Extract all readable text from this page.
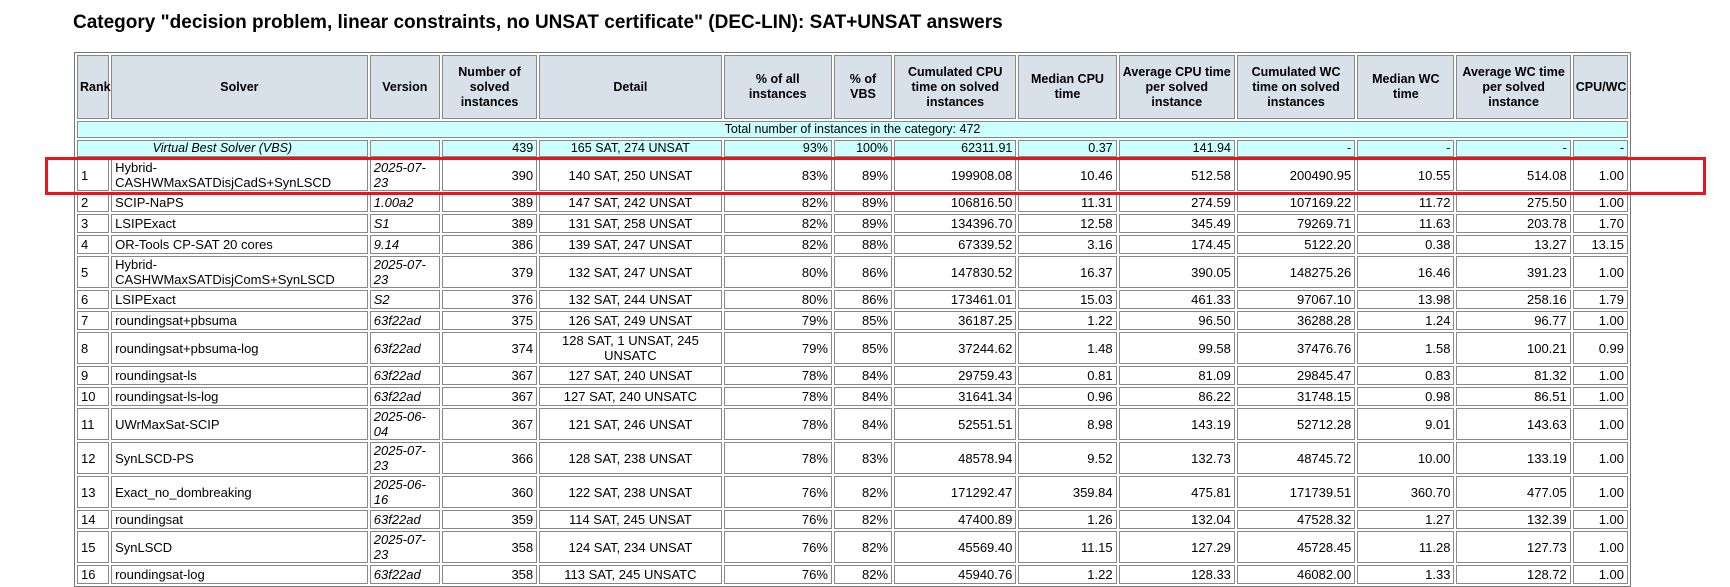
Category "decision problem, linear constraints, no UNSAT certificate" (DEC-LIN): SAT+UNSAT answers
Rank	Solver	Version	Number of solved instances	Detail	% of all instances	% of VBS	Cumulated CPU time on solved instances	Median CPU time	Average CPU time per solved instance	Cumulated WC time on solved instances	Median WC time	Average WC time per solved instance	CPU/WC
Total number of instances in the category: 472													
Virtual Best Solver (VBS)			439	165 SAT, 274 UNSAT	93%	100%	62311.91	0.37	141.94	-	-	-	-
1	Hybrid-CASHWMaxSATDisjCadS+SynLSCD	2025-07-23	390	140 SAT, 250 UNSAT	83%	89%	199908.08	10.46	512.58	200490.95	10.55	514.08	1.00
2	SCIP-NaPS	1.00a2	389	147 SAT, 242 UNSAT	82%	89%	106816.50	11.31	274.59	107169.22	11.72	275.50	1.00
3	LSIPExact	S1	389	131 SAT, 258 UNSAT	82%	89%	134396.70	12.58	345.49	79269.71	11.63	203.78	1.70
4	OR-Tools CP-SAT 20 cores	9.14	386	139 SAT, 247 UNSAT	82%	88%	67339.52	3.16	174.45	5122.20	0.38	13.27	13.15
5	Hybrid-CASHWMaxSATDisjComS+SynLSCD	2025-07-23	379	132 SAT, 247 UNSAT	80%	86%	147830.52	16.37	390.05	148275.26	16.46	391.23	1.00
6	LSIPExact	S2	376	132 SAT, 244 UNSAT	80%	86%	173461.01	15.03	461.33	97067.10	13.98	258.16	1.79
7	roundingsat+pbsuma	63f22ad	375	126 SAT, 249 UNSAT	79%	85%	36187.25	1.22	96.50	36288.28	1.24	96.77	1.00
8	roundingsat+pbsuma-log	63f22ad	374	128 SAT, 1 UNSAT, 245 UNSATC	79%	85%	37244.62	1.48	99.58	37476.76	1.58	100.21	0.99
9	roundingsat-ls	63f22ad	367	127 SAT, 240 UNSAT	78%	84%	29759.43	0.81	81.09	29845.47	0.83	81.32	1.00
10	roundingsat-ls-log	63f22ad	367	127 SAT, 240 UNSATC	78%	84%	31641.34	0.96	86.22	31748.15	0.98	86.51	1.00
11	UWrMaxSat-SCIP	2025-06-04	367	121 SAT, 246 UNSAT	78%	84%	52551.51	8.98	143.19	52712.28	9.01	143.63	1.00
12	SynLSCD-PS	2025-07-23	366	128 SAT, 238 UNSAT	78%	83%	48578.94	9.52	132.73	48745.72	10.00	133.19	1.00
13	Exact_no_dombreaking	2025-06-16	360	122 SAT, 238 UNSAT	76%	82%	171292.47	359.84	475.81	171739.51	360.70	477.05	1.00
14	roundingsat	63f22ad	359	114 SAT, 245 UNSAT	76%	82%	47400.89	1.26	132.04	47528.32	1.27	132.39	1.00
15	SynLSCD	2025-07-23	358	124 SAT, 234 UNSAT	76%	82%	45569.40	11.15	127.29	45728.45	11.28	127.73	1.00
16	roundingsat-log	63f22ad	358	113 SAT, 245 UNSATC	76%	82%	45940.76	1.22	128.33	46082.00	1.33	128.72	1.00
